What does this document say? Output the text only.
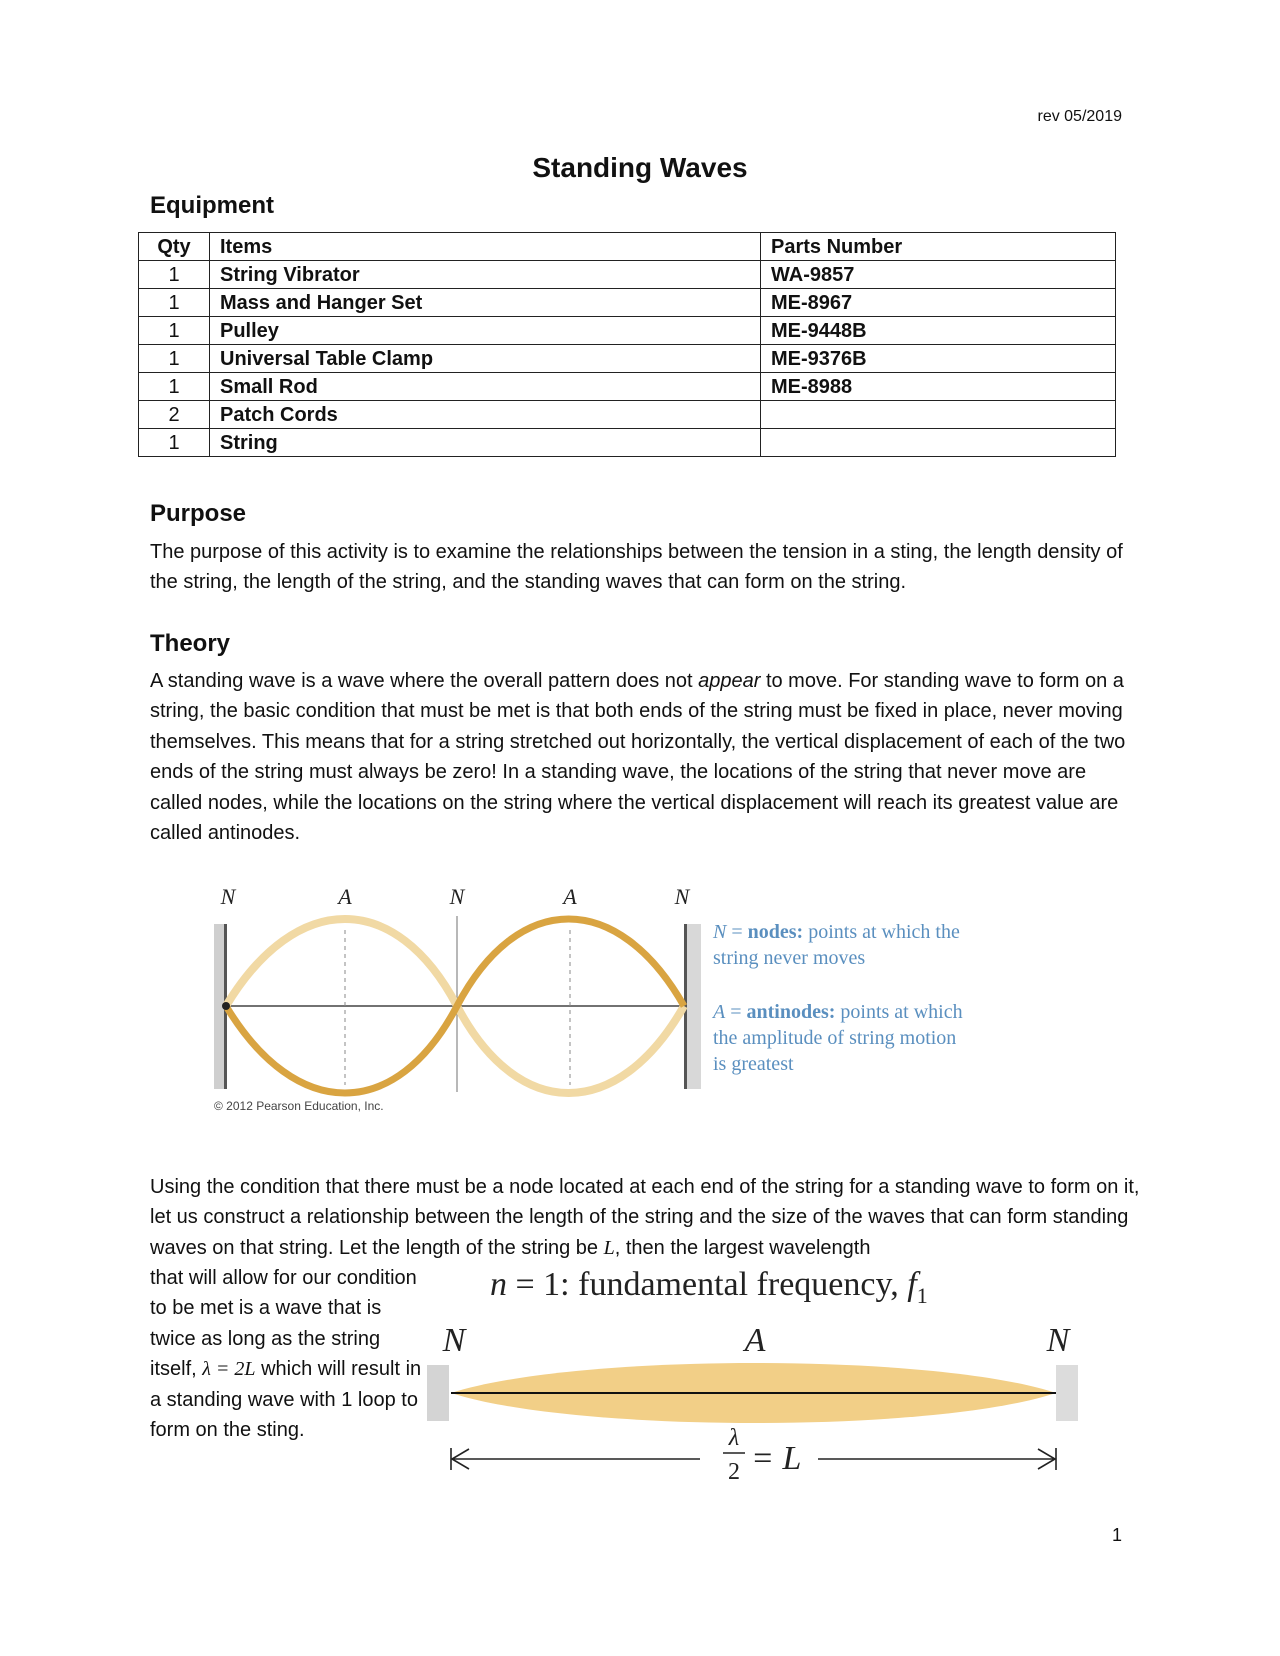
rev 05/2019
Standing Waves
Equipment
Qty	Items	Parts Number
1	String Vibrator	WA-9857
1	Mass and Hanger Set	ME-8967
1	Pulley	ME-9448B
1	Universal Table Clamp	ME-9376B
1	Small Rod	ME-8988
2	Patch Cords	
1	String	
Purpose

The purpose of this activity is to examine the relationships between the tension in a sting, the length density of the string, the length of the string, and the standing waves that can form on the string.

Theory

A standing wave is a wave where the overall pattern does not appear to move. For standing wave to form on a string, the basic condition that must be met is that both ends of the string must be fixed in place, never moving themselves. This means that for a string stretched out horizontally, the vertical displacement of each of the two ends of the string must always be zero! In a standing wave, the locations of the string that never move are called nodes, while the locations on the string where the vertical displacement will reach its greatest value are called antinodes.

N	A	N	A	N
N = nodes: points at which the
string never moves
A = antinodes: points at which
the amplitude of string motion
is greatest
© 2012 Pearson Education, Inc.

Using the condition that there must be a node located at each end of the string for a standing wave to form on it, let us construct a relationship between the length of the string and the size of the waves that can form standing waves on that string. Let the length of the string be L, then the largest wavelength

that will allow for our condition to be met is a wave that is twice as long as the string itself, λ = 2L which will result in a standing wave with 1 loop to form on the sting.

n = 1: fundamental frequency, $f_1$
N	A	N
λ
2 = L
1
